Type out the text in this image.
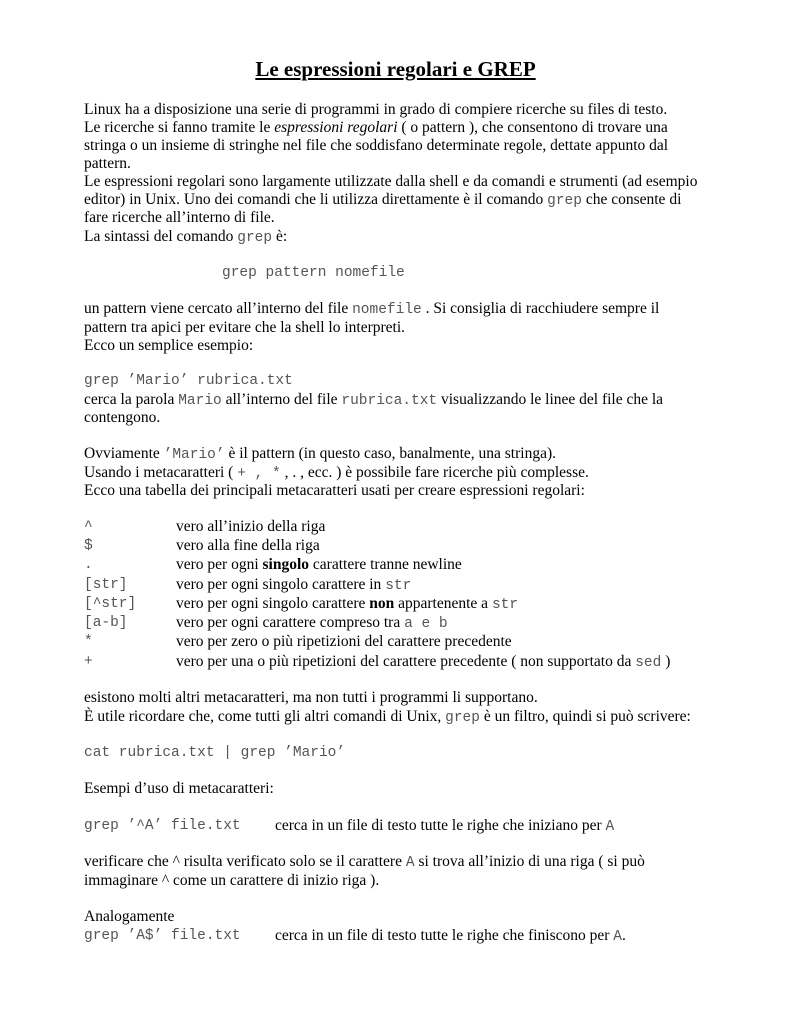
Le espressioni regolari e GREP
Linux ha a disposizione una serie di programmi in grado di compiere ricerche su files di testo.
Le ricerche si fanno tramite le espressioni regolari ( o pattern ), che consentono di trovare una
stringa o un insieme di stringhe nel file che soddisfano determinate regole, dettate appunto dal
pattern.
Le espressioni regolari sono largamente utilizzate dalla shell e da comandi e strumenti (ad esempio
editor) in Unix. Uno dei comandi che li utilizza direttamente è il comando grep che consente di
fare ricerche all’interno di file.
La sintassi del comando grep è:
grep pattern nomefile
un pattern viene cercato all’interno del file nomefile . Si consiglia di racchiudere sempre il
pattern tra apici per evitare che la shell lo interpreti.
Ecco un semplice esempio:
grep ’Mario’ rubrica.txt
cerca la parola Mario all’interno del file rubrica.txt visualizzando le linee del file che la
contengono.
Ovviamente ’Mario’ è il pattern (in questo caso, banalmente, una stringa).
Usando i metacaratteri ( + , * , . , ecc. ) è possibile fare ricerche più complesse.
Ecco una tabella dei principali metacaratteri usati per creare espressioni regolari:
^	vero all’inizio della riga
$	vero alla fine della riga
.	vero per ogni singolo carattere tranne newline
[str]	vero per ogni singolo carattere in str
[^str]	vero per ogni singolo carattere non appartenente a str
[a-b]	vero per ogni carattere compreso tra a e b
*	vero per zero o più ripetizioni del carattere precedente
+	vero per una o più ripetizioni del carattere precedente ( non supportato da sed )
esistono molti altri metacaratteri, ma non tutti i programmi li supportano.
È utile ricordare che, come tutti gli altri comandi di Unix, grep è un filtro, quindi si può scrivere:
cat rubrica.txt | grep ’Mario’
Esempi d’uso di metacaratteri:
grep ’^A’ file.txt cerca in un file di testo tutte le righe che iniziano per A
verificare che ^ risulta verificato solo se il carattere A si trova all’inizio di una riga ( si può
immaginare ^ come un carattere di inizio riga ).
Analogamente
grep ’A$’ file.txt cerca in un file di testo tutte le righe che finiscono per A.
